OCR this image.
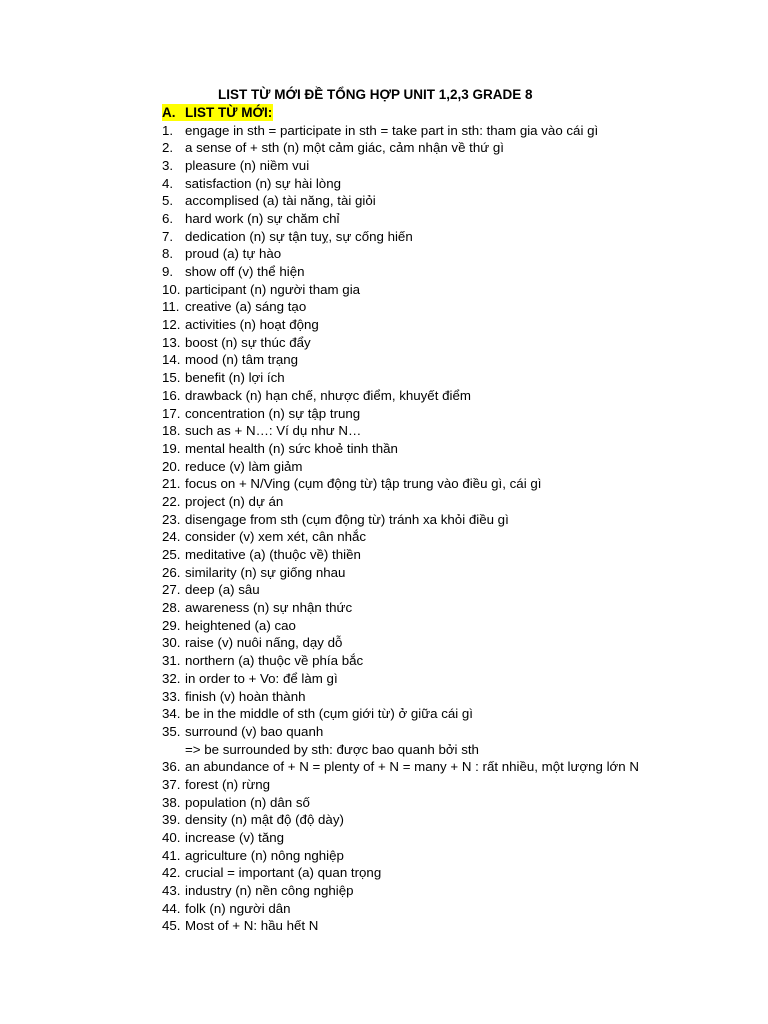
LIST TỪ MỚI ĐỀ TỔNG HỢP UNIT 1,2,3 GRADE 8
A. LIST TỪ MỚI:
1. engage in sth = participate in sth = take part in sth: tham gia vào cái gì
2. a sense of + sth (n) một cảm giác, cảm nhận về thứ gì
3. pleasure (n) niềm vui
4. satisfaction (n) sự hài lòng
5. accomplised (a) tài năng, tài giỏi
6. hard work (n) sự chăm chỉ
7. dedication (n) sự tận tuỵ, sự cống hiến
8. proud (a) tự hào
9. show off (v) thể hiện
10. participant (n) người tham gia
11. creative (a) sáng tạo
12. activities (n) hoạt động
13. boost (n) sự thúc đẩy
14. mood (n) tâm trạng
15. benefit (n) lợi ích
16. drawback (n) hạn chế, nhược điểm, khuyết điểm
17. concentration (n) sự tập trung
18. such as + N…: Ví dụ như N…
19. mental health (n) sức khoẻ tinh thần
20. reduce (v) làm giảm
21. focus on + N/Ving (cụm động từ) tập trung vào điều gì, cái gì
22. project (n) dự án
23. disengage from sth (cụm động từ) tránh xa khỏi điều gì
24. consider (v) xem xét, cân nhắc
25. meditative (a) (thuộc về) thiền
26. similarity (n) sự giống nhau
27. deep (a) sâu
28. awareness (n) sự nhận thức
29. heightened (a) cao
30. raise (v) nuôi nấng, dạy dỗ
31. northern (a) thuộc về phía bắc
32. in order to + Vo: để làm gì
33. finish (v) hoàn thành
34. be in the middle of sth (cụm giới từ) ở giữa cái gì
35. surround (v) bao quanh
=> be surrounded by sth: được bao quanh bởi sth
36. an abundance of + N = plenty of + N = many + N : rất nhiều, một lượng lớn N
37. forest (n) rừng
38. population (n) dân số
39. density (n) mật độ (độ dày)
40. increase (v) tăng
41. agriculture (n) nông nghiệp
42. crucial = important (a) quan trọng
43. industry (n) nền công nghiệp
44. folk (n) người dân
45. Most of + N: hầu hết N
